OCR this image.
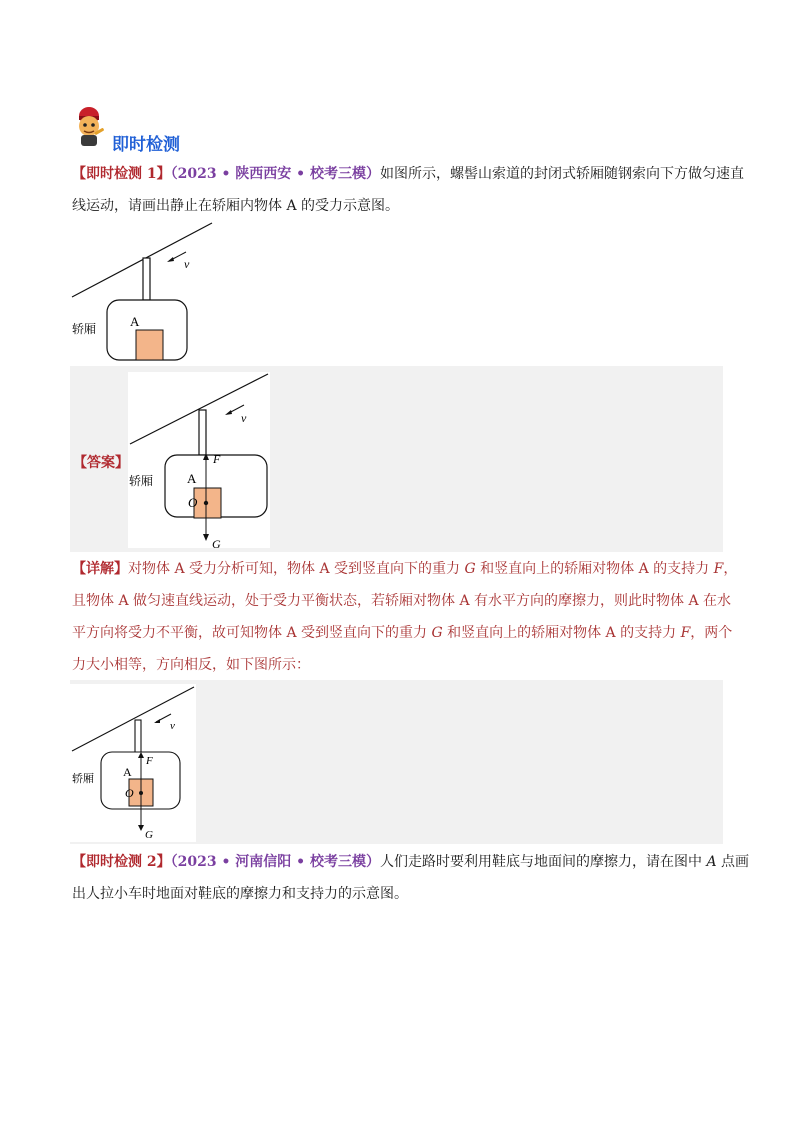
即时检测
【即时检测 1】（2023 • 陕西西安 • 校考三模）如图所示，螺髻山索道的封闭式轿厢随钢索向下方做匀速直
线运动，请画出静止在轿厢内物体 A 的受力示意图。
v
A
轿厢
【答案】
v
A
轿厢
F
O
G
【详解】对物体 A 受力分析可知，物体 A 受到竖直向下的重力 G 和竖直向上的轿厢对物体 A 的支持力 F，
且物体 A 做匀速直线运动，处于受力平衡状态，若轿厢对物体 A 有水平方向的摩擦力，则此时物体 A 在水
平方向将受力不平衡，故可知物体 A 受到竖直向下的重力 G 和竖直向上的轿厢对物体 A 的支持力 F，两个
力大小相等，方向相反，如下图所示：
v
A
轿厢
F
O
G
【即时检测 2】（2023 • 河南信阳 • 校考三模）人们走路时要利用鞋底与地面间的摩擦力，请在图中 A 点画
出人拉小车时地面对鞋底的摩擦力和支持力的示意图。
